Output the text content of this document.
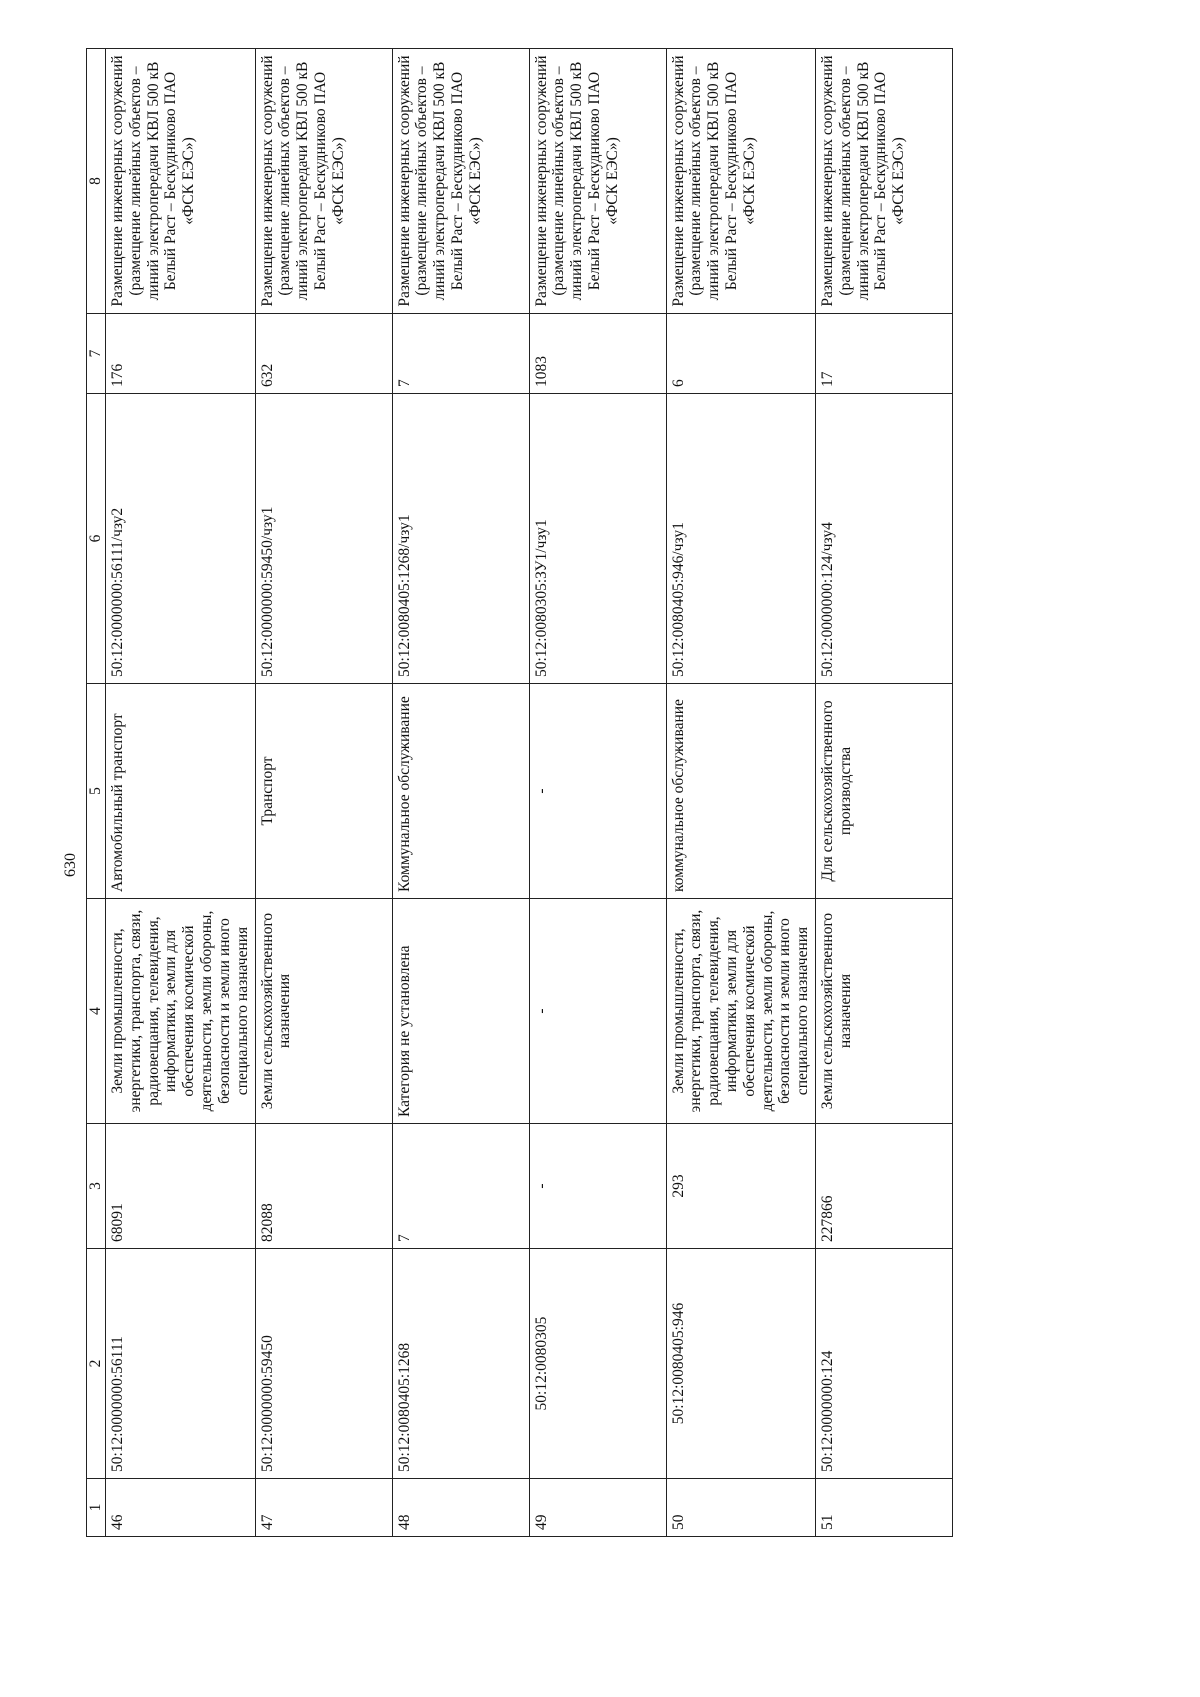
630
1	2	3	4	5	6	7	8
46	50:12:0000000:56111	68091	Земли промышленности, энергетики, транспорта, связи, радиовещания, телевидения, информатики, земли для обеспечения космической деятельности, земли обороны, безопасности и земли иного специального назначения	Автомобильный транспорт	50:12:0000000:56111/чзу2	176	Размещение инженерных сооружений (размещение линейных объектов – линий электропередачи КВЛ 500 кВ Белый Раст – Бескудниково ПАО «ФСК ЕЭС»)
47	50:12:0000000:59450	82088	Земли сельскохозяйственного назначения	Транспорт	50:12:0000000:59450/чзу1	632	Размещение инженерных сооружений (размещение линейных объектов – линий электропередачи КВЛ 500 кВ Белый Раст – Бескудниково ПАО «ФСК ЕЭС»)
48	50:12:0080405:1268	7	Категория не установлена	Коммунальное обслуживание	50:12:0080405:1268/чзу1	7	Размещение инженерных сооружений (размещение линейных объектов – линий электропередачи КВЛ 500 кВ Белый Раст – Бескудниково ПАО «ФСК ЕЭС»)
49	50:12:0080305	-	-	-	50:12:0080305:ЗУ1/чзу1	1083	Размещение инженерных сооружений (размещение линейных объектов – линий электропередачи КВЛ 500 кВ Белый Раст – Бескудниково ПАО «ФСК ЕЭС»)
50	50:12:0080405:946	293	Земли промышленности, энергетики, транспорта, связи, радиовещания, телевидения, информатики, земли для обеспечения космической деятельности, земли обороны, безопасности и земли иного специального назначения	коммунальное обслуживание	50:12:0080405:946/чзу1	6	Размещение инженерных сооружений (размещение линейных объектов – линий электропередачи КВЛ 500 кВ Белый Раст – Бескудниково ПАО «ФСК ЕЭС»)
51	50:12:0000000:124	227866	Земли сельскохозяйственного назначения	Для сельскохозяйственного производства	50:12:0000000:124/чзу4	17	Размещение инженерных сооружений (размещение линейных объектов – линий электропередачи КВЛ 500 кВ Белый Раст – Бескудниково ПАО «ФСК ЕЭС»)
